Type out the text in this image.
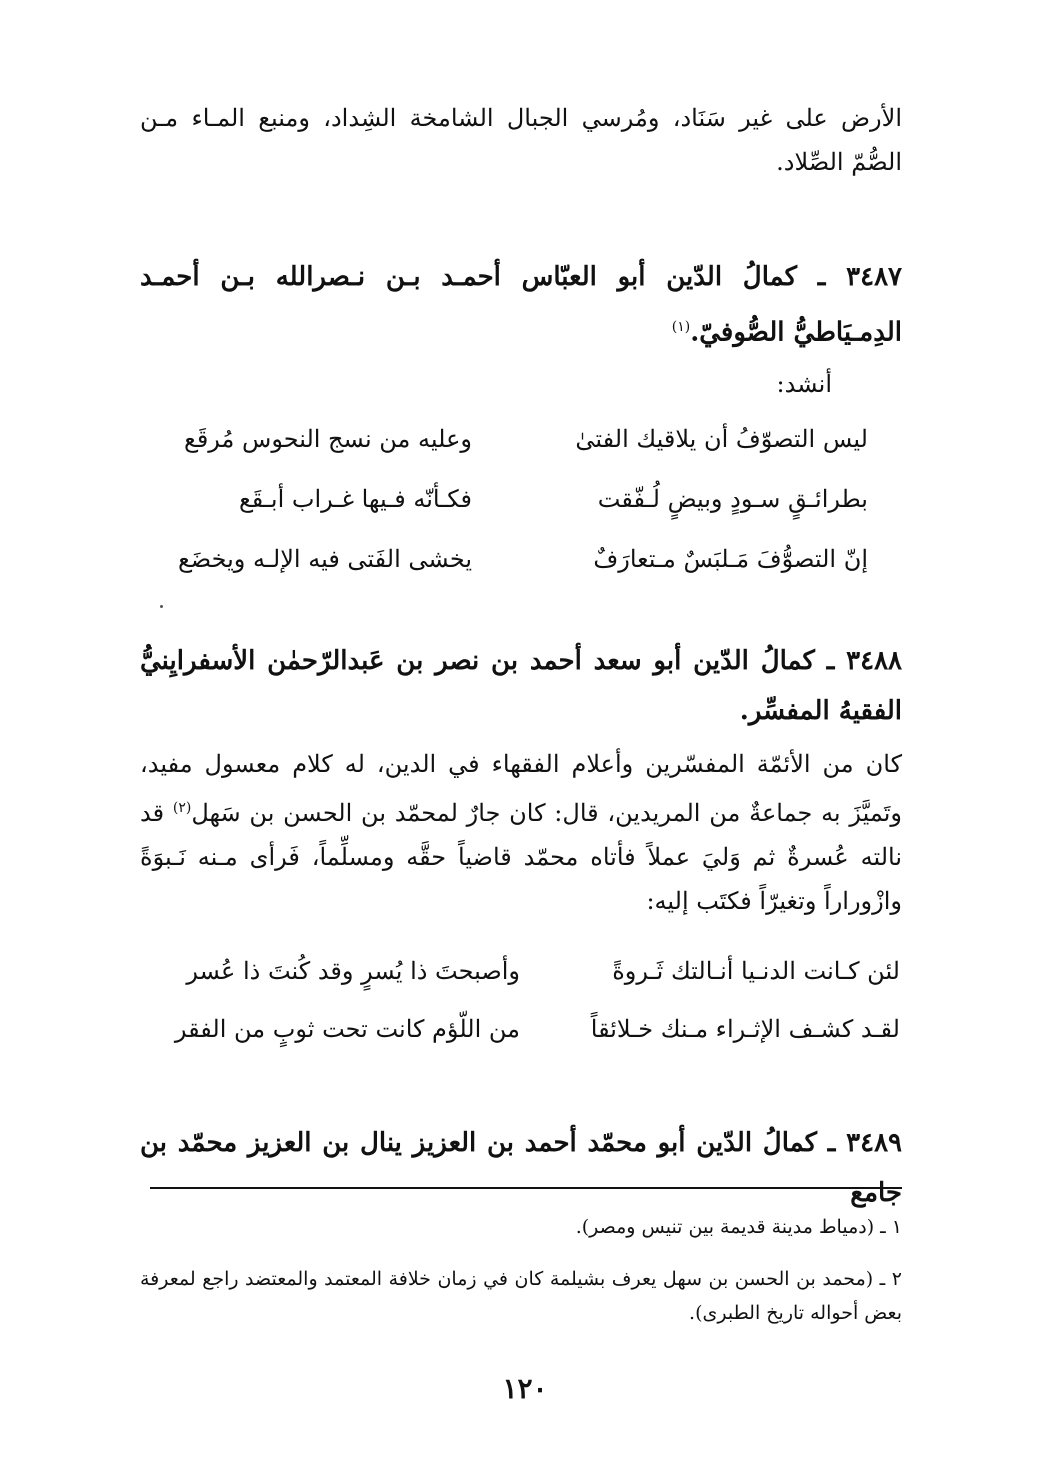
الأرض على غير سَنَاد، ومُرسي الجبال الشامخة الشِداد، ومنبع المـاء مـن الصُّمّ الصِّلاد.

٣٤٨٧ ـ كمالُ الدّين أبو العبّاس أحمـد بـن نـصرالله بـن أحمـد الدِمـيَاطيُّ الصُّوفيّ.$^{(١)}$

أنشد:

ليس التصوّفُ أن يلاقيك الفتىٰ
وعليه من نسج النحوس مُرقَع
بطرائـقٍ سـودٍ وبيضٍ لُـفّقت
فكـأنّه فـيها غـراب أبـقَع
إنّ التصوُّفَ مَـلبَسٌ مـتعارَفٌ
يخشى الفَتى فيه الإلـه ويخضَع

٣٤٨٨ ـ كمالُ الدّين أبو سعد أحمد بن نصر بن عَبدالرّحمٰن الأسفرايِنيُّ الفقيهُ المفسِّر.

كان من الأئمّة المفسّرين وأعلام الفقهاء في الدين، له كلام معسول مفيد، وتَميَّزَ به جماعةٌ من المريدين، قال: كان جارٌ لمحمّد بن الحسن بن سَهل$^{(٢)}$ قد نالته عُسرةٌ ثم وَليَ عملاً فأتاه محمّد قاضياً حقَّه ومسلِّماً، فَرأى مـنه نَـبوَةً وازْوراراً وتغيرّاً فكتَب إليه:

لئن كـانت الدنـيا أنـالتك ثَـروةً
وأصبحتَ ذا يُسرٍ وقد كُنتَ ذا عُسر
لقـد كشـف الإثـراء مـنك خـلائقاً
من اللّؤم كانت تحت ثوبٍ من الفقر

٣٤٨٩ ـ كمالُ الدّين أبو محمّد أحمد بن العزيز ينال بن العزيز محمّد بن جامع

١ ـ (دمياط مدينة قديمة بين تنيس ومصر).

٢ ـ (محمد بن الحسن بن سهل يعرف بشيلمة كان في زمان خلافة المعتمد والمعتضد راجع لمعرفة بعض أحواله تاريخ الطبرى).

١٢٠
